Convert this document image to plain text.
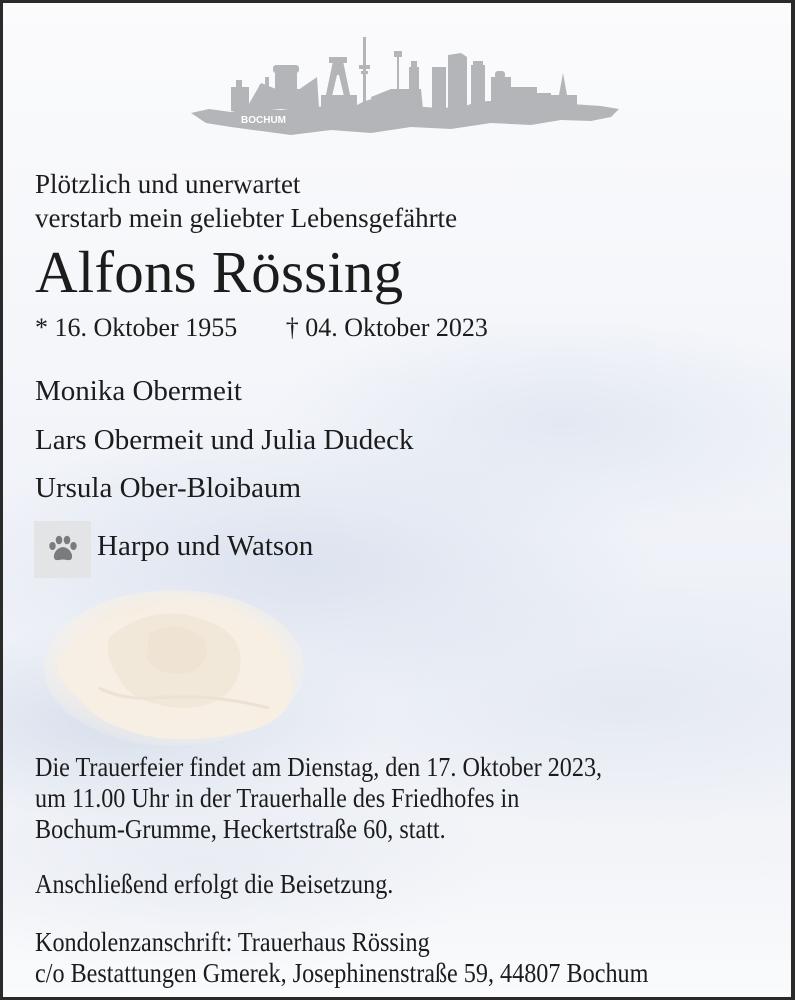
BOCHUM
Plötzlich und unerwartet
verstarb mein geliebter Lebensgefährte
Alfons Rössing
* 16. Oktober 1955 † 04. Oktober 2023
Monika Obermeit
Lars Obermeit und Julia Dudeck
Ursula Ober-Bloibaum
Harpo und Watson

Die Trauerfeier findet am Dienstag, den 17. Oktober 2023,

um 11.00 Uhr in der Trauerhalle des Friedhofes in

Bochum-Grumme, Heckertstraße 60, statt.

Anschließend erfolgt die Beisetzung.

Kondolenzanschrift: Trauerhaus Rössing

c/o Bestattungen Gmerek, Josephinenstraße 59, 44807 Bochum
